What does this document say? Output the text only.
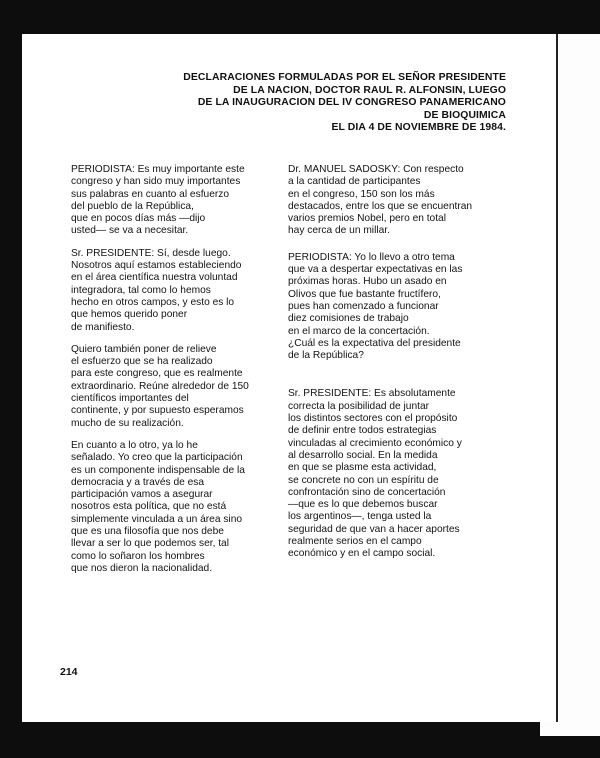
DECLARACIONES FORMULADAS POR EL SEÑOR PRESIDENTE
DE LA NACION, DOCTOR RAUL R. ALFONSIN, LUEGO
DE LA INAUGURACION DEL IV CONGRESO PANAMERICANO
DE BIOQUIMICA
EL DIA 4 DE NOVIEMBRE DE 1984.
PERIODISTA: Es muy importante este
congreso y han sido muy importantes
sus palabras en cuanto al esfuerzo
del pueblo de la República,
que en pocos días más —dijo
usted— se va a necesitar.
Sr. PRESIDENTE: Sí, desde luego.
Nosotros aquí estamos estableciendo
en el área científica nuestra voluntad
integradora, tal como lo hemos
hecho en otros campos, y esto es lo
que hemos querido poner
de manifiesto.
Quiero también poner de relieve
el esfuerzo que se ha realizado
para este congreso, que es realmente
extraordinario. Reúne alrededor de 150
científicos importantes del
continente, y por supuesto esperamos
mucho de su realización.
En cuanto a lo otro, ya lo he
señalado. Yo creo que la participación
es un componente indispensable de la
democracia y a través de esa
participación vamos a asegurar
nosotros esta política, que no está
simplemente vinculada a un área sino
que es una filosofía que nos debe
llevar a ser lo que podemos ser, tal
como lo soñaron los hombres
que nos dieron la nacionalidad.
Dr. MANUEL SADOSKY: Con respecto
a la cantidad de participantes
en el congreso, 150 son los más
destacados, entre los que se encuentran
varios premios Nobel, pero en total
hay cerca de un millar.
PERIODISTA: Yo lo llevo a otro tema
que va a despertar expectativas en las
próximas horas. Hubo un asado en
Olivos que fue bastante fructífero,
pues han comenzado a funcionar
diez comisiones de trabajo
en el marco de la concertación.
¿Cuál es la expectativa del presidente
de la República?
Sr. PRESIDENTE: Es absolutamente
correcta la posibilidad de juntar
los distintos sectores con el propósito
de definir entre todos estrategias
vinculadas al crecimiento económico y
al desarrollo social. En la medida
en que se plasme esta actividad,
se concrete no con un espíritu de
confrontación sino de concertación
—que es lo que debemos buscar
los argentinos—, tenga usted la
seguridad de que van a hacer aportes
realmente serios en el campo
económico y en el campo social.
214
